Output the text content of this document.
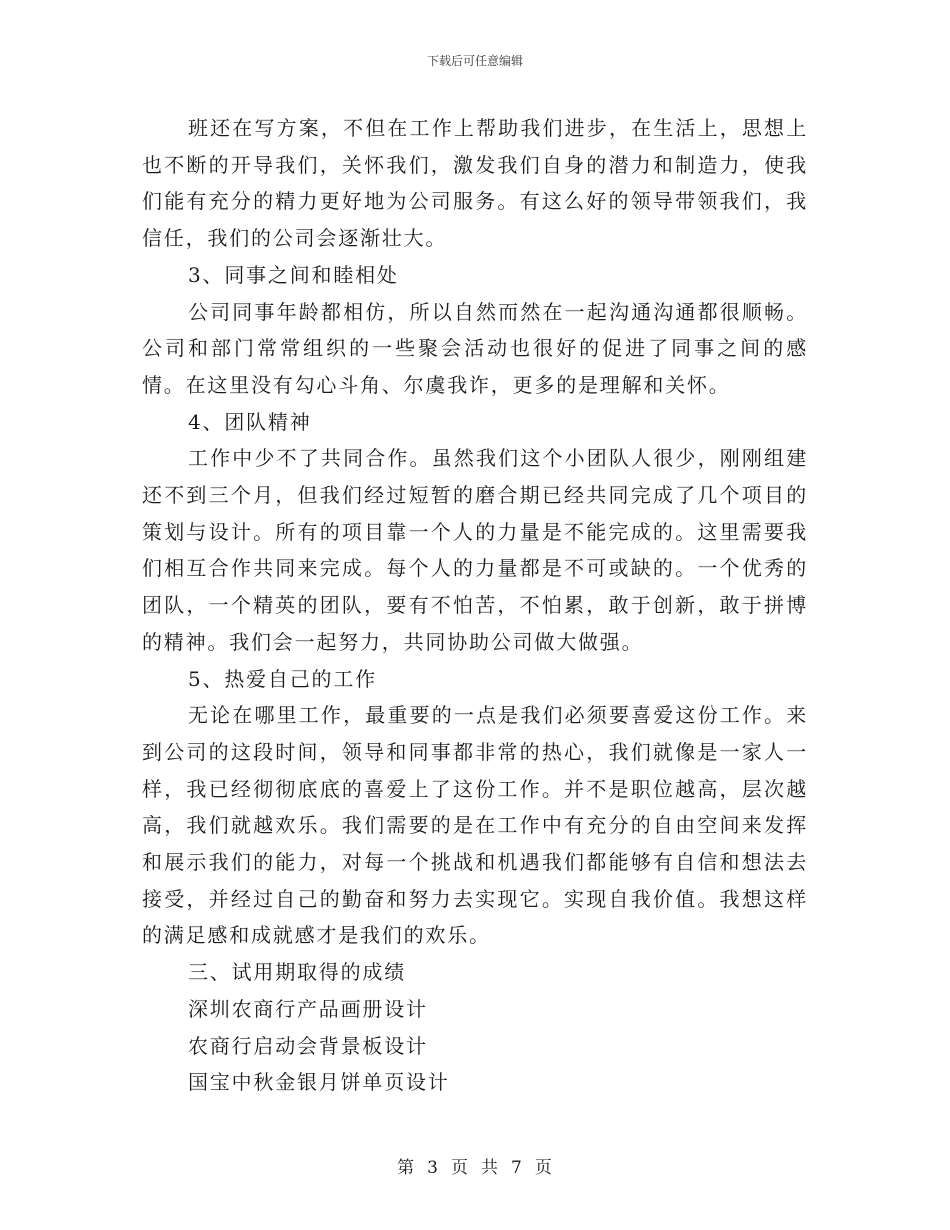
下载后可任意编辑

班还在写方案，不但在工作上帮助我们进步，在生活上，思想上也不断的开导我们，关怀我们，激发我们自身的潜力和制造力，使我们能有充分的精力更好地为公司服务。有这么好的领导带领我们，我信任，我们的公司会逐渐壮大。

3、同事之间和睦相处

公司同事年龄都相仿，所以自然而然在一起沟通沟通都很顺畅。公司和部门常常组织的一些聚会活动也很好的促进了同事之间的感情。在这里没有勾心斗角、尔虞我诈，更多的是理解和关怀。

4、团队精神

工作中少不了共同合作。虽然我们这个小团队人很少，刚刚组建还不到三个月，但我们经过短暂的磨合期已经共同完成了几个项目的策划与设计。所有的项目靠一个人的力量是不能完成的。这里需要我们相互合作共同来完成。每个人的力量都是不可或缺的。一个优秀的团队，一个精英的团队，要有不怕苦，不怕累，敢于创新，敢于拼博的精神。我们会一起努力，共同协助公司做大做强。

5、热爱自己的工作

无论在哪里工作，最重要的一点是我们必须要喜爱这份工作。来到公司的这段时间，领导和同事都非常的热心，我们就像是一家人一样，我已经彻彻底底的喜爱上了这份工作。并不是职位越高，层次越高，我们就越欢乐。我们需要的是在工作中有充分的自由空间来发挥和展示我们的能力，对每一个挑战和机遇我们都能够有自信和想法去接受，并经过自己的勤奋和努力去实现它。实现自我价值。我想这样的满足感和成就感才是我们的欢乐。

三、试用期取得的成绩

深圳农商行产品画册设计

农商行启动会背景板设计

国宝中秋金银月饼单页设计

第 3 页 共 7 页
